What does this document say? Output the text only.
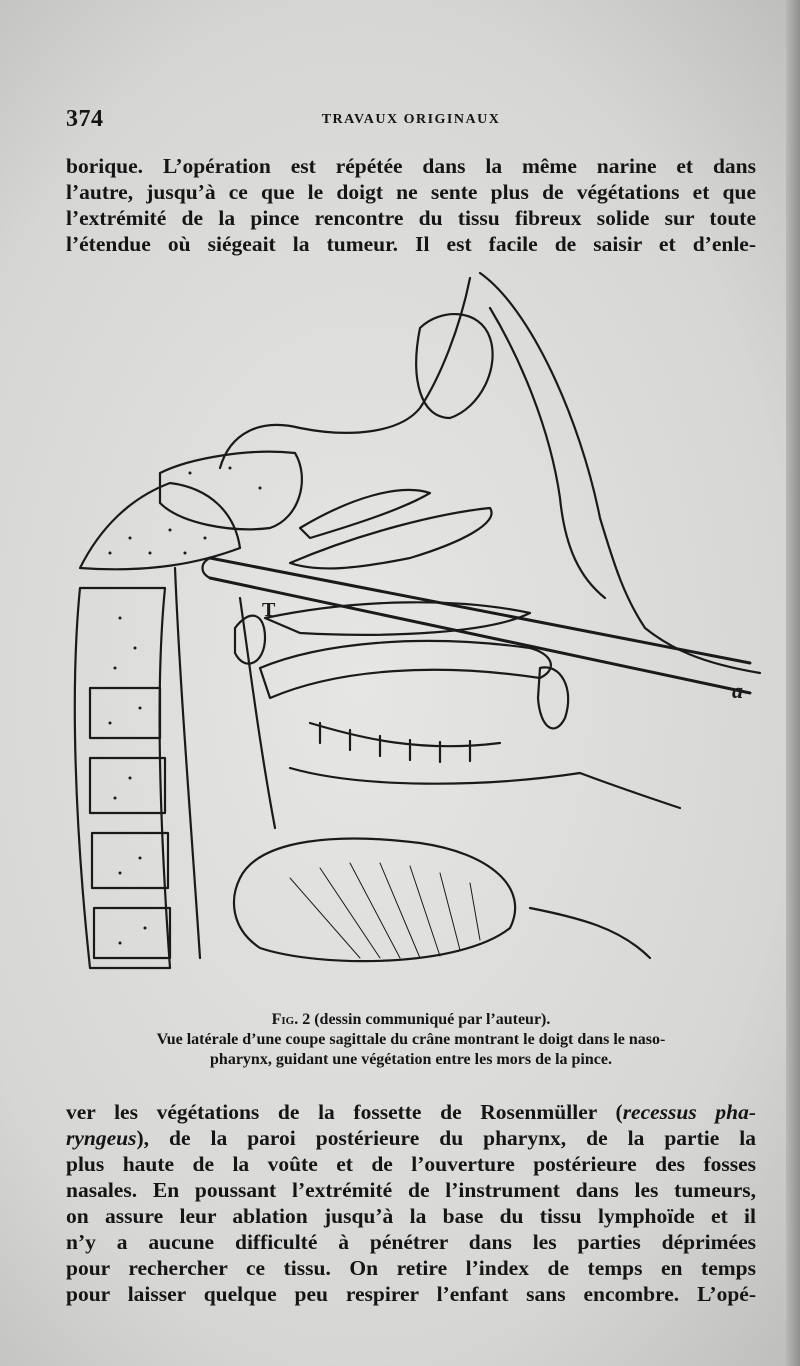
374	TRAVAUX ORIGINAUX
borique. L’opération est répétée dans la même narine et dans
l’autre, jusqu’à ce que le doigt ne sente plus de végétations et que
l’extrémité de la pince rencontre du tissu fibreux solide sur toute
l’étendue où siégeait la tumeur. Il est facile de saisir et d’enle-
T
a
Fig. 2 (dessin communiqué par l’auteur).
Vue latérale d’une coupe sagittale du crâne montrant le doigt dans le naso-
pharynx, guidant une végétation entre les mors de la pince.
ver les végétations de la fossette de Rosenmüller (recessus pha-
ryngeus), de la paroi postérieure du pharynx, de la partie la
plus haute de la voûte et de l’ouverture postérieure des fosses
nasales. En poussant l’extrémité de l’instrument dans les tumeurs,
on assure leur ablation jusqu’à la base du tissu lymphoïde et il
n’y a aucune difficulté à pénétrer dans les parties déprimées
pour rechercher ce tissu. On retire l’index de temps en temps
pour laisser quelque peu respirer l’enfant sans encombre. L’opé-
